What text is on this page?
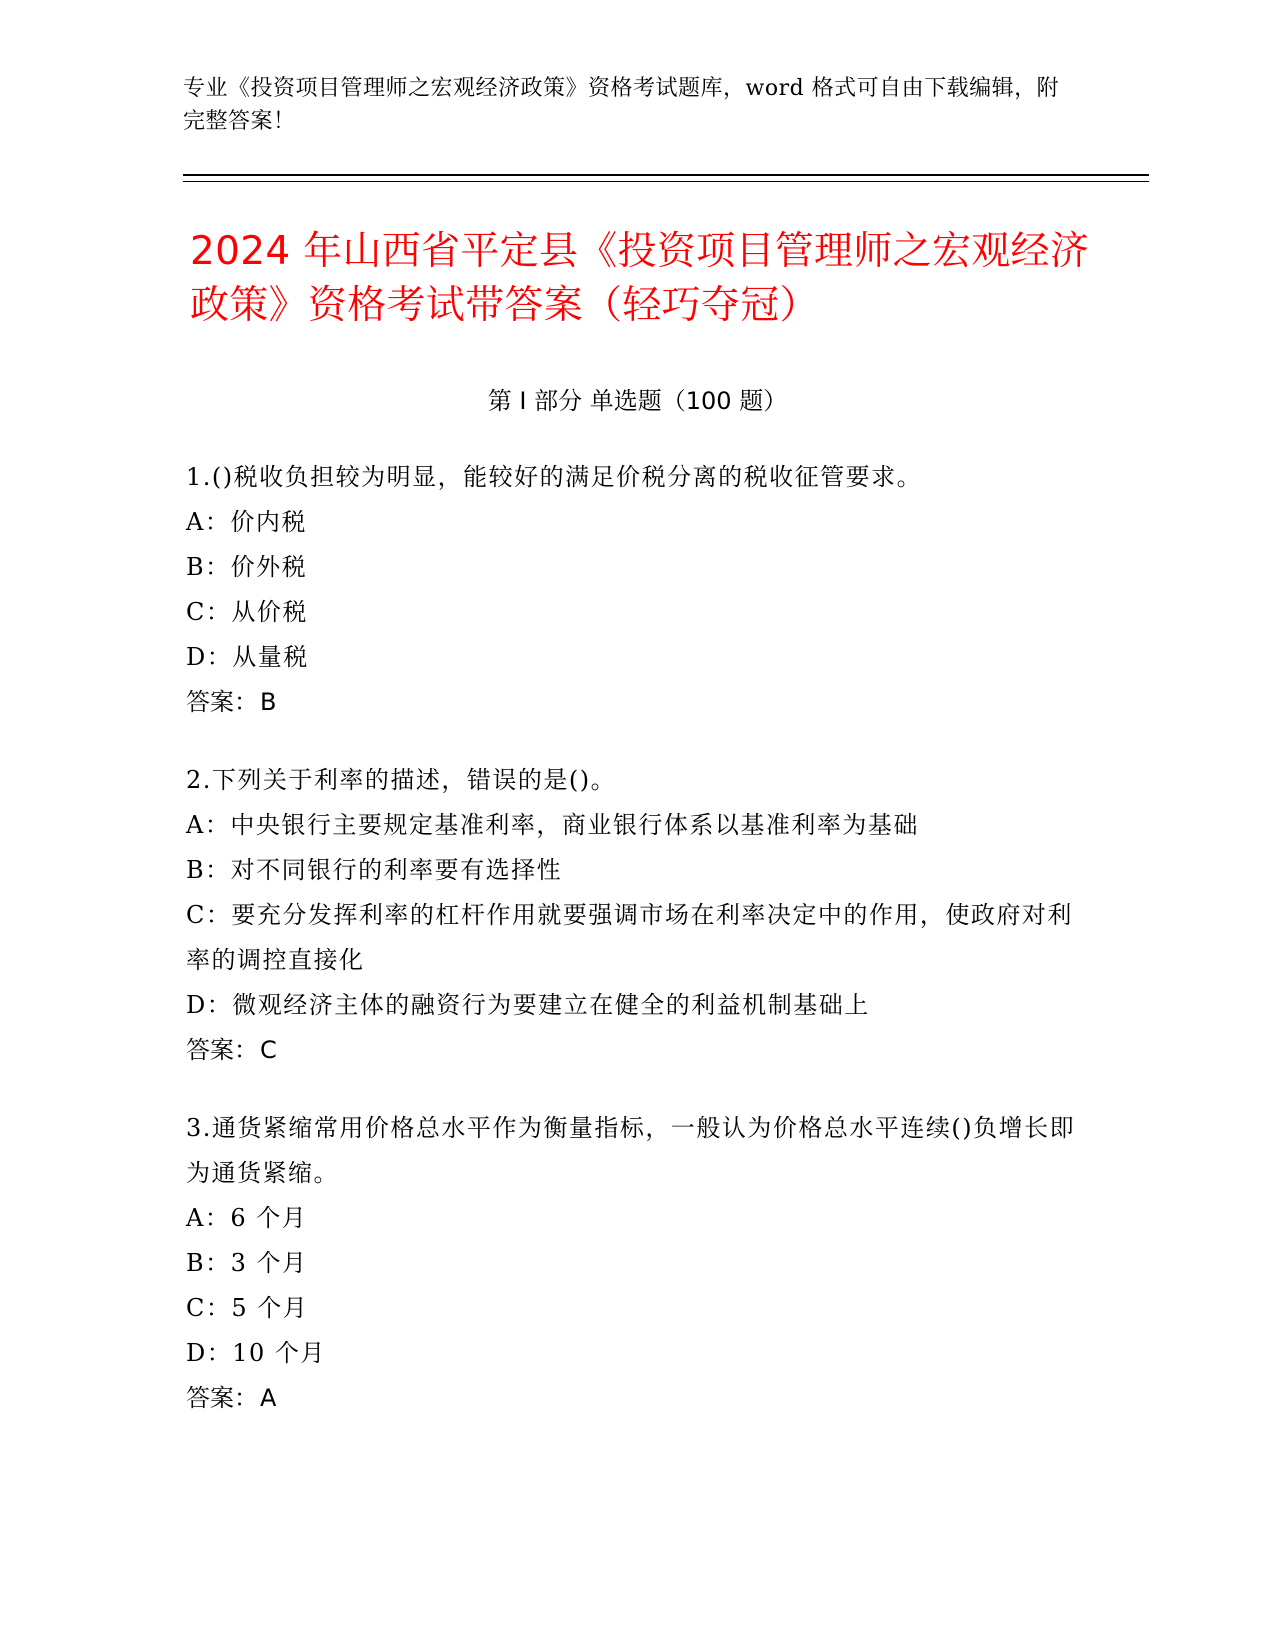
专业《投资项目管理师之宏观经济政策》资格考试题库，word 格式可自由下载编辑，附完整答案！
2024 年山西省平定县《投资项目管理师之宏观经济政策》资格考试带答案（轻巧夺冠）
第 I 部分 单选题（100 题）
1.()税收负担较为明显，能较好的满足价税分离的税收征管要求。
A：价内税
B：价外税
C：从价税
D：从量税
答案：B
2.下列关于利率的描述，错误的是()。
A：中央银行主要规定基准利率，商业银行体系以基准利率为基础
B：对不同银行的利率要有选择性
C：要充分发挥利率的杠杆作用就要强调市场在利率决定中的作用，使政府对利率的调控直接化
D：微观经济主体的融资行为要建立在健全的利益机制基础上
答案：C
3.通货紧缩常用价格总水平作为衡量指标，一般认为价格总水平连续()负增长即为通货紧缩。
A：6 个月
B：3 个月
C：5 个月
D：10 个月
答案：A
